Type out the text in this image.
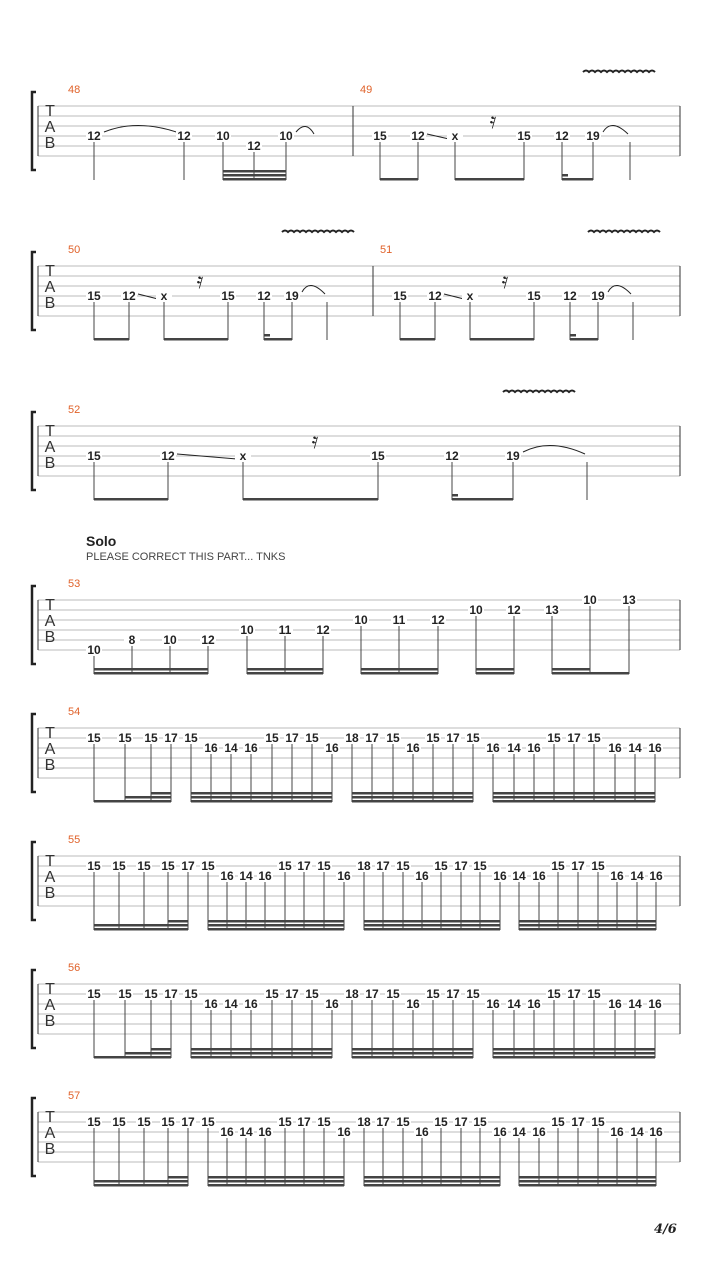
T
A
B
48
12	12 10
12
10
49
15 12 x
𝄿
15 12 19
T
A
B
50
15 12 x
𝄿
15 12 19
51
15 12 x
𝄿
15 12 19
T
A
B
52
15	12	x
𝄿
15	12	19
T
A
B
53
10
8 10 12
10 11 12
10 11 12
10 12 13
10 13
T
A
B
54
15 15 15 17 15
16 14 16
15 17 15
16
18 17 15
16
15 17 15
16 14 16
15 17 15
16 14 16
T
A
B
55
15 15 15 15 17 15
16 14 16
15 17 15
16
18 17 15
16
15 17 15
16 14 16
15 17 15
16 14 16
T
A
B
56
15 15 15 17 15
16 14 16
15 17 15
16
18 17 15
16
15 17 15
16 14 16
15 17 15
16 14 16
T
A
B
57
15 15 15 15 17 15
16 14 16
15 17 15
16
18 17 15
16
15 17 15
16 14 16
15 17 15
16 14 16
Solo
PLEASE CORRECT THIS PART... TNKS
4/6
